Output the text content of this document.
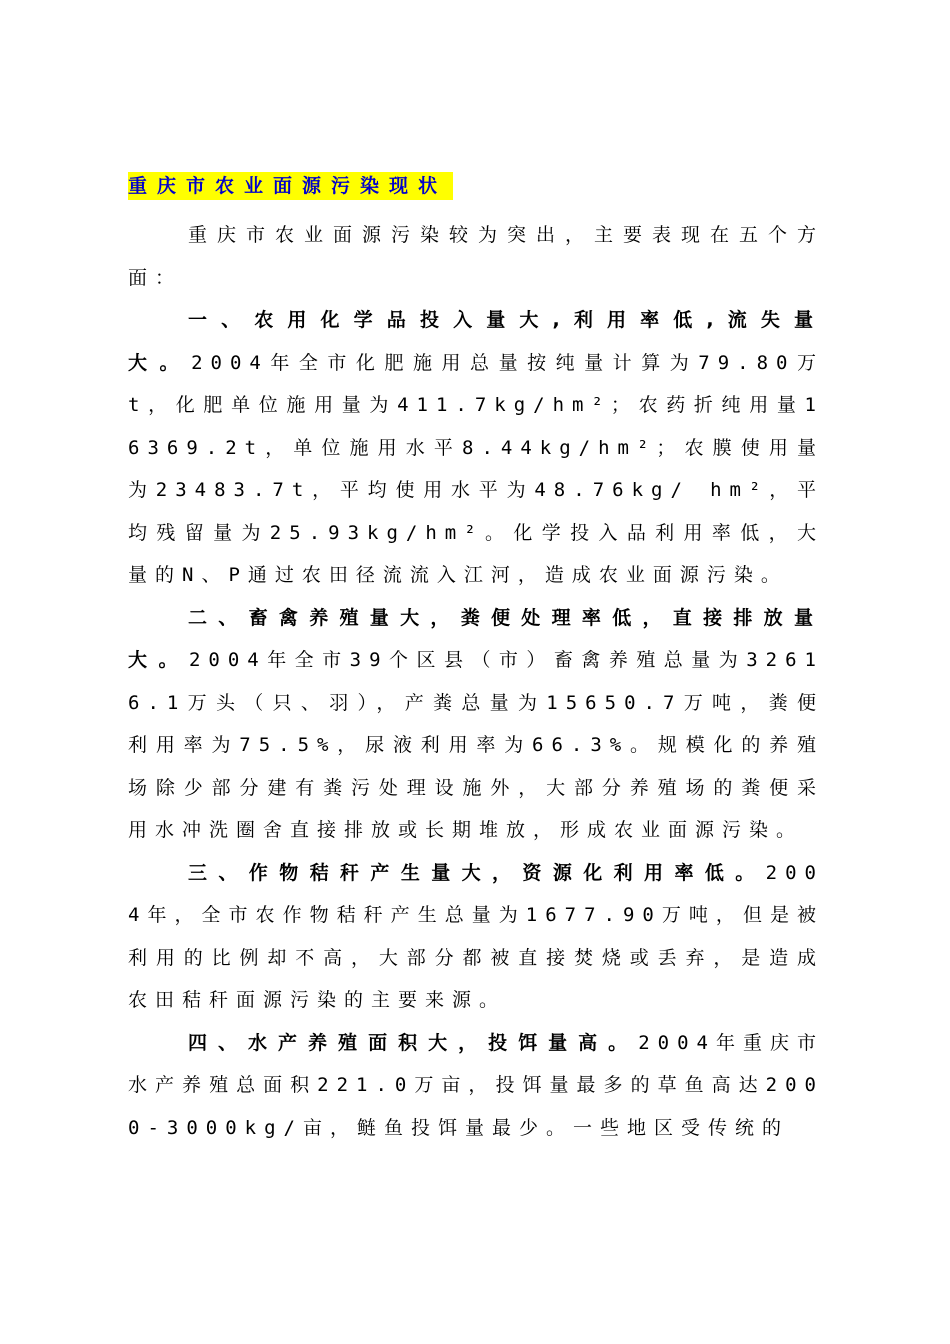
重庆市农业面源污染现状

重庆市农业面源污染较为突出，主要表现在五个方面：

一、农用化学品投入量大,利用率低,流失量大。2004年全市化肥施用总量按纯量计算为79.80万t，化肥单位施用量为411.7kg/hm²；农药折纯用量16369.2t，单位施用水平8.44kg/hm²；农膜使用量为23483.7t，平均使用水平为48.76kg/ hm²，平均残留量为25.93kg/hm²。化学投入品利用率低，大量的N、P通过农田径流流入江河，造成农业面源污染。

二、畜禽养殖量大，粪便处理率低，直接排放量大。2004年全市39个区县（市）畜禽养殖总量为32616.1万头（只、羽），产粪总量为15650.7万吨，粪便利用率为75.5%，尿液利用率为66.3%。规模化的养殖场除少部分建有粪污处理设施外，大部分养殖场的粪便采用水冲洗圈舍直接排放或长期堆放，形成农业面源污染。

三、作物秸秆产生量大，资源化利用率低。2004年，全市农作物秸秆产生总量为1677.90万吨，但是被利用的比例却不高，大部分都被直接焚烧或丢弃，是造成农田秸秆面源污染的主要来源。

四、水产养殖面积大，投饵量高。2004年重庆市水产养殖总面积221.0万亩，投饵量最多的草鱼高达2000-3000kg/亩，鲢鱼投饵量最少。一些地区受传统的
